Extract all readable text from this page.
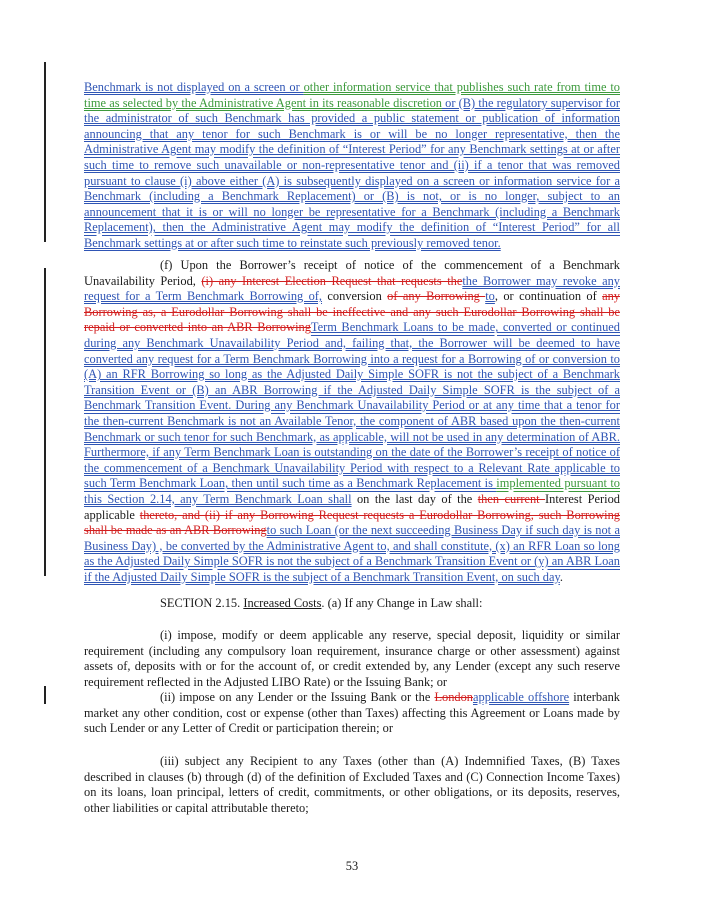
Benchmark is not displayed on a screen or other information service that publishes such rate from time to time as selected by the Administrative Agent in its reasonable discretion or (B) the regulatory supervisor for the administrator of such Benchmark has provided a public statement or publication of information announcing that any tenor for such Benchmark is or will be no longer representative, then the Administrative Agent may modify the definition of “Interest Period” for any Benchmark settings at or after such time to remove such unavailable or non-representative tenor and (ii) if a tenor that was removed pursuant to clause (i) above either (A) is subsequently displayed on a screen or information service for a Benchmark (including a Benchmark Replacement) or (B) is not, or is no longer, subject to an announcement that it is or will no longer be representative for a Benchmark (including a Benchmark Replacement), then the Administrative Agent may modify the definition of “Interest Period” for all Benchmark settings at or after such time to reinstate such previously removed tenor.

(f) Upon the Borrower’s receipt of notice of the commencement of a Benchmark Unavailability Period, (i) any Interest Election Request that requests thethe Borrower may revoke any request for a Term Benchmark Borrowing of, conversion of any Borrowing to, or continuation of any Borrowing as, a Eurodollar Borrowing shall be ineffective and any such Eurodollar Borrowing shall be repaid or converted into an ABR BorrowingTerm Benchmark Loans to be made, converted or continued during any Benchmark Unavailability Period and, failing that, the Borrower will be deemed to have converted any request for a Term Benchmark Borrowing into a request for a Borrowing of or conversion to (A) an RFR Borrowing so long as the Adjusted Daily Simple SOFR is not the subject of a Benchmark Transition Event or (B) an ABR Borrowing if the Adjusted Daily Simple SOFR is the subject of a Benchmark Transition Event. During any Benchmark Unavailability Period or at any time that a tenor for the then-current Benchmark is not an Available Tenor, the component of ABR based upon the then-current Benchmark or such tenor for such Benchmark, as applicable, will not be used in any determination of ABR. Furthermore, if any Term Benchmark Loan is outstanding on the date of the Borrower’s receipt of notice of the commencement of a Benchmark Unavailability Period with respect to a Relevant Rate applicable to such Term Benchmark Loan, then until such time as a Benchmark Replacement is implemented pursuant to this Section 2.14, any Term Benchmark Loan shall on the last day of the then current Interest Period applicable thereto, and (ii) if any Borrowing Request requests a Eurodollar Borrowing, such Borrowing shall be made as an ABR Borrowingto such Loan (or the next succeeding Business Day if such day is not a Business Day) , be converted by the Administrative Agent to, and shall constitute, (x) an RFR Loan so long as the Adjusted Daily Simple SOFR is not the subject of a Benchmark Transition Event or (y) an ABR Loan if the Adjusted Daily Simple SOFR is the subject of a Benchmark Transition Event, on such day.

SECTION 2.15. Increased Costs. (a) If any Change in Law shall:

(i) impose, modify or deem applicable any reserve, special deposit, liquidity or similar requirement (including any compulsory loan requirement, insurance charge or other assessment) against assets of, deposits with or for the account of, or credit extended by, any Lender (except any such reserve requirement reflected in the Adjusted LIBO Rate) or the Issuing Bank; or

(ii) impose on any Lender or the Issuing Bank or the Londonapplicable offshore interbank market any other condition, cost or expense (other than Taxes) affecting this Agreement or Loans made by such Lender or any Letter of Credit or participation therein; or

(iii) subject any Recipient to any Taxes (other than (A) Indemnified Taxes, (B) Taxes described in clauses (b) through (d) of the definition of Excluded Taxes and (C) Connection Income Taxes) on its loans, loan principal, letters of credit, commitments, or other obligations, or its deposits, reserves, other liabilities or capital attributable thereto;

53
